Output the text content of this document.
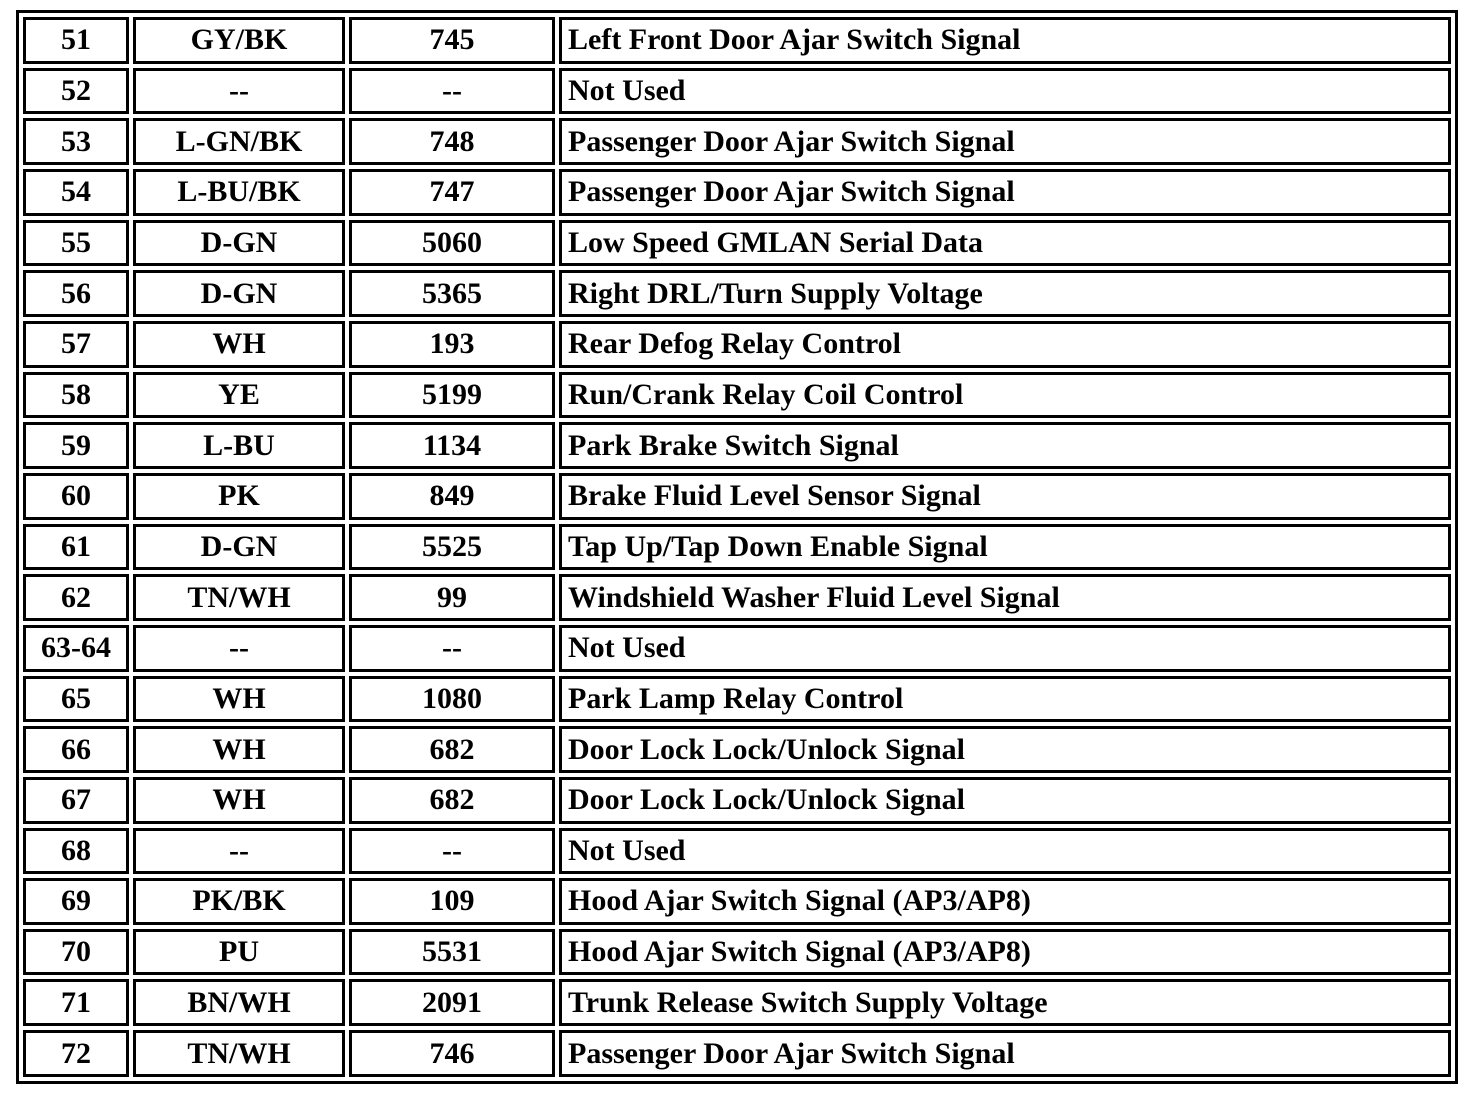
51	GY/BK	745	Left Front Door Ajar Switch Signal
52	--	--	Not Used
53	L-GN/BK	748	Passenger Door Ajar Switch Signal
54	L-BU/BK	747	Passenger Door Ajar Switch Signal
55	D-GN	5060	Low Speed GMLAN Serial Data
56	D-GN	5365	Right DRL/Turn Supply Voltage
57	WH	193	Rear Defog Relay Control
58	YE	5199	Run/Crank Relay Coil Control
59	L-BU	1134	Park Brake Switch Signal
60	PK	849	Brake Fluid Level Sensor Signal
61	D-GN	5525	Tap Up/Tap Down Enable Signal
62	TN/WH	99	Windshield Washer Fluid Level Signal
63-64	--	--	Not Used
65	WH	1080	Park Lamp Relay Control
66	WH	682	Door Lock Lock/Unlock Signal
67	WH	682	Door Lock Lock/Unlock Signal
68	--	--	Not Used
69	PK/BK	109	Hood Ajar Switch Signal (AP3/AP8)
70	PU	5531	Hood Ajar Switch Signal (AP3/AP8)
71	BN/WH	2091	Trunk Release Switch Supply Voltage
72	TN/WH	746	Passenger Door Ajar Switch Signal
